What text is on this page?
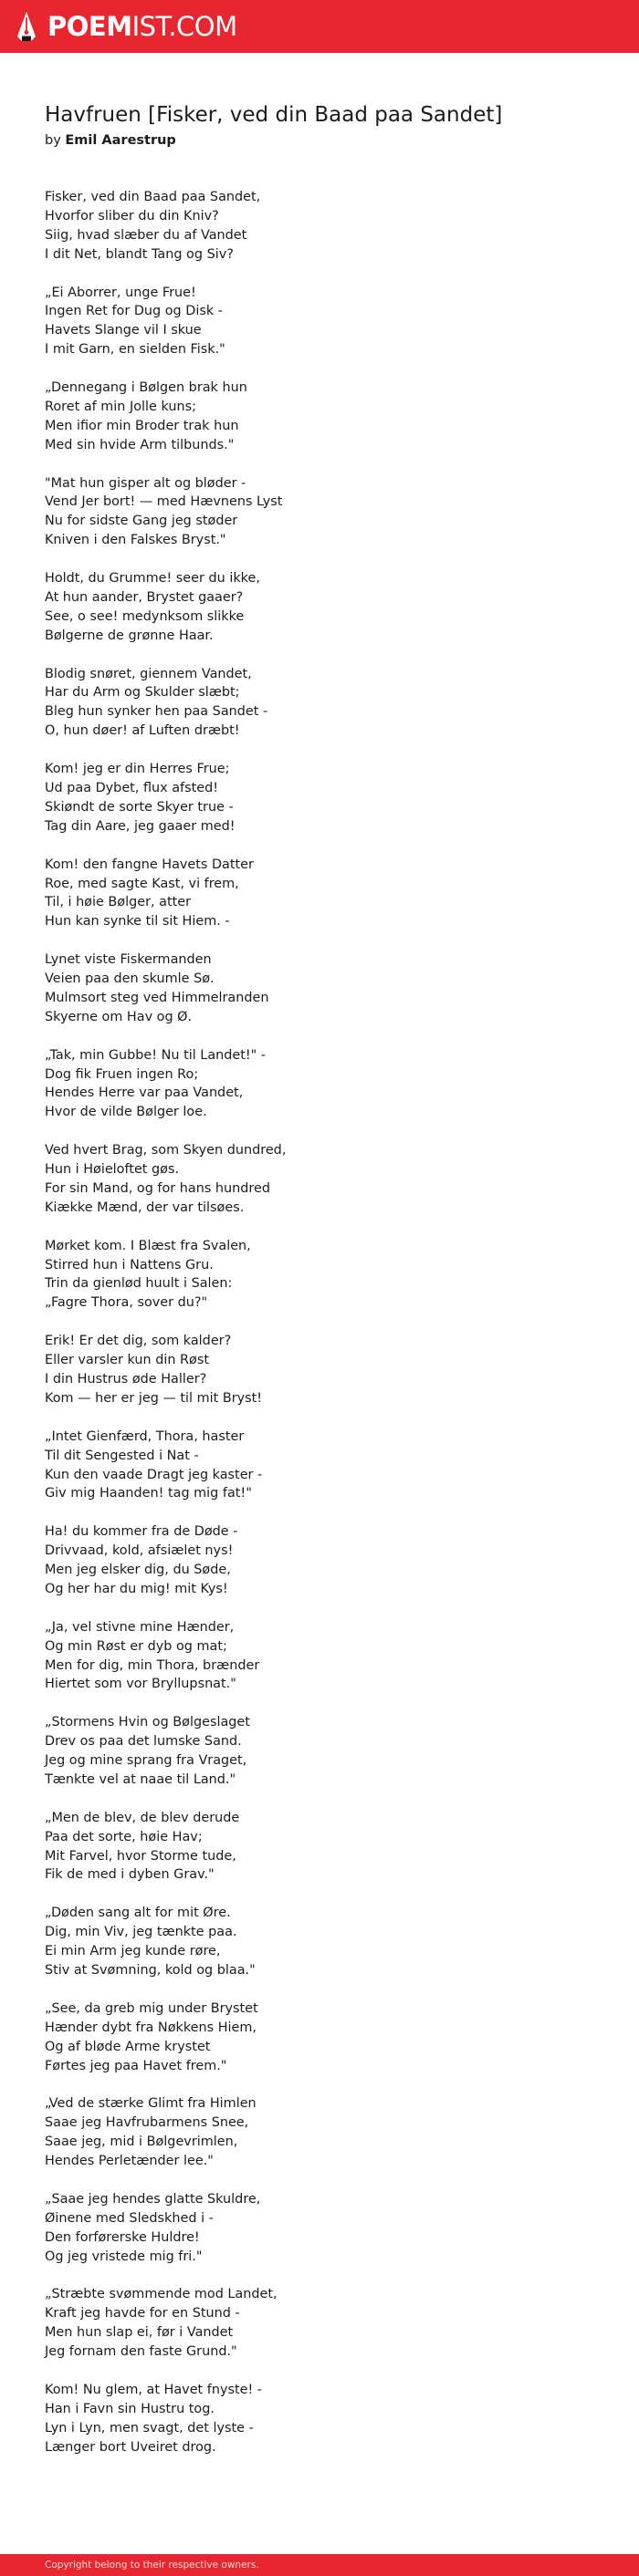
POEMIST.COM
Havfruen [Fisker, ved din Baad paa Sandet]
by Emil Aarestrup
Fisker, ved din Baad paa Sandet,
Hvorfor sliber du din Kniv?
Siig, hvad slæber du af Vandet
I dit Net, blandt Tang og Siv?
„Ei Aborrer, unge Frue!
Ingen Ret for Dug og Disk -
Havets Slange vil I skue
I mit Garn, en sielden Fisk."
„Dennegang i Bølgen brak hun
Roret af min Jolle kuns;
Men ifior min Broder trak hun
Med sin hvide Arm tilbunds."
"Mat hun gisper alt og bløder -
Vend Jer bort! — med Hævnens Lyst
Nu for sidste Gang jeg støder
Kniven i den Falskes Bryst."
Holdt, du Grumme! seer du ikke,
At hun aander, Brystet gaaer?
See, o see! medynksom slikke
Bølgerne de grønne Haar.
Blodig snøret, giennem Vandet,
Har du Arm og Skulder slæbt;
Bleg hun synker hen paa Sandet -
O, hun døer! af Luften dræbt!
Kom! jeg er din Herres Frue;
Ud paa Dybet, flux afsted!
Skiøndt de sorte Skyer true -
Tag din Aare, jeg gaaer med!
Kom! den fangne Havets Datter
Roe, med sagte Kast, vi frem,
Til, i høie Bølger, atter
Hun kan synke til sit Hiem. -
Lynet viste Fiskermanden
Veien paa den skumle Sø.
Mulmsort steg ved Himmelranden
Skyerne om Hav og Ø.
„Tak, min Gubbe! Nu til Landet!" -
Dog fik Fruen ingen Ro;
Hendes Herre var paa Vandet,
Hvor de vilde Bølger loe.
Ved hvert Brag, som Skyen dundred,
Hun i Høieloftet gøs.
For sin Mand, og for hans hundred
Kiække Mænd, der var tilsøes.
Mørket kom. I Blæst fra Svalen,
Stirred hun i Nattens Gru.
Trin da gienlød huult i Salen:
„Fagre Thora, sover du?"
Erik! Er det dig, som kalder?
Eller varsler kun din Røst
I din Hustrus øde Haller?
Kom — her er jeg — til mit Bryst!
„Intet Gienfærd, Thora, haster
Til dit Sengested i Nat -
Kun den vaade Dragt jeg kaster -
Giv mig Haanden! tag mig fat!"
Ha! du kommer fra de Døde -
Drivvaad, kold, afsiælet nys!
Men jeg elsker dig, du Søde,
Og her har du mig! mit Kys!
„Ja, vel stivne mine Hænder,
Og min Røst er dyb og mat;
Men for dig, min Thora, brænder
Hiertet som vor Bryllupsnat."
„Stormens Hvin og Bølgeslaget
Drev os paa det lumske Sand.
Jeg og mine sprang fra Vraget,
Tænkte vel at naae til Land."
„Men de blev, de blev derude
Paa det sorte, høie Hav;
Mit Farvel, hvor Storme tude,
Fik de med i dyben Grav."
„Døden sang alt for mit Øre.
Dig, min Viv, jeg tænkte paa.
Ei min Arm jeg kunde røre,
Stiv at Svømning, kold og blaa."
„See, da greb mig under Brystet
Hænder dybt fra Nøkkens Hiem,
Og af bløde Arme krystet
Førtes jeg paa Havet frem."
„Ved de stærke Glimt fra Himlen
Saae jeg Havfrubarmens Snee,
Saae jeg, mid i Bølgevrimlen,
Hendes Perletænder lee."
„Saae jeg hendes glatte Skuldre,
Øinene med Sledskhed i -
Den forførerske Huldre!
Og jeg vristede mig fri."
„Stræbte svømmende mod Landet,
Kraft jeg havde for en Stund -
Men hun slap ei, før i Vandet
Jeg fornam den faste Grund."
Kom! Nu glem, at Havet fnyste! -
Han i Favn sin Hustru tog.
Lyn i Lyn, men svagt, det lyste -
Længer bort Uveiret drog.
Copyright belong to their respective owners.
